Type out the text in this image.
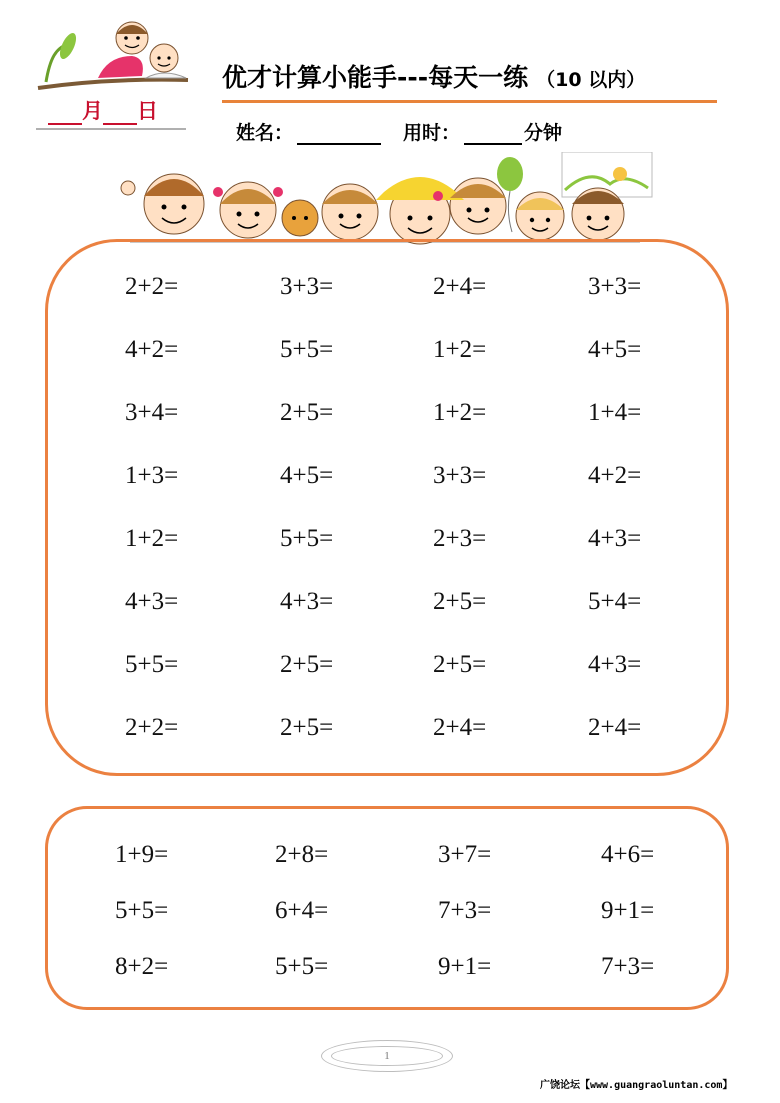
月 日
优才计算小能手---每天一练 （10 以内）
姓名：	用时：	分钟
2+2=	3+3=	2+4=	3+3=
4+2=	5+5=	1+2=	4+5=
3+4=	2+5=	1+2=	1+4=
1+3=	4+5=	3+3=	4+2=
1+2=	5+5=	2+3=	4+3=
4+3=	4+3=	2+5=	5+4=
5+5=	2+5=	2+5=	4+3=
2+2=	2+5=	2+4=	2+4=
1+9=	2+8=	3+7=	4+6=
5+5=	6+4=	7+3=	9+1=
8+2=	5+5=	9+1=	7+3=
1
广饶论坛【www.guangraoluntan.com】
